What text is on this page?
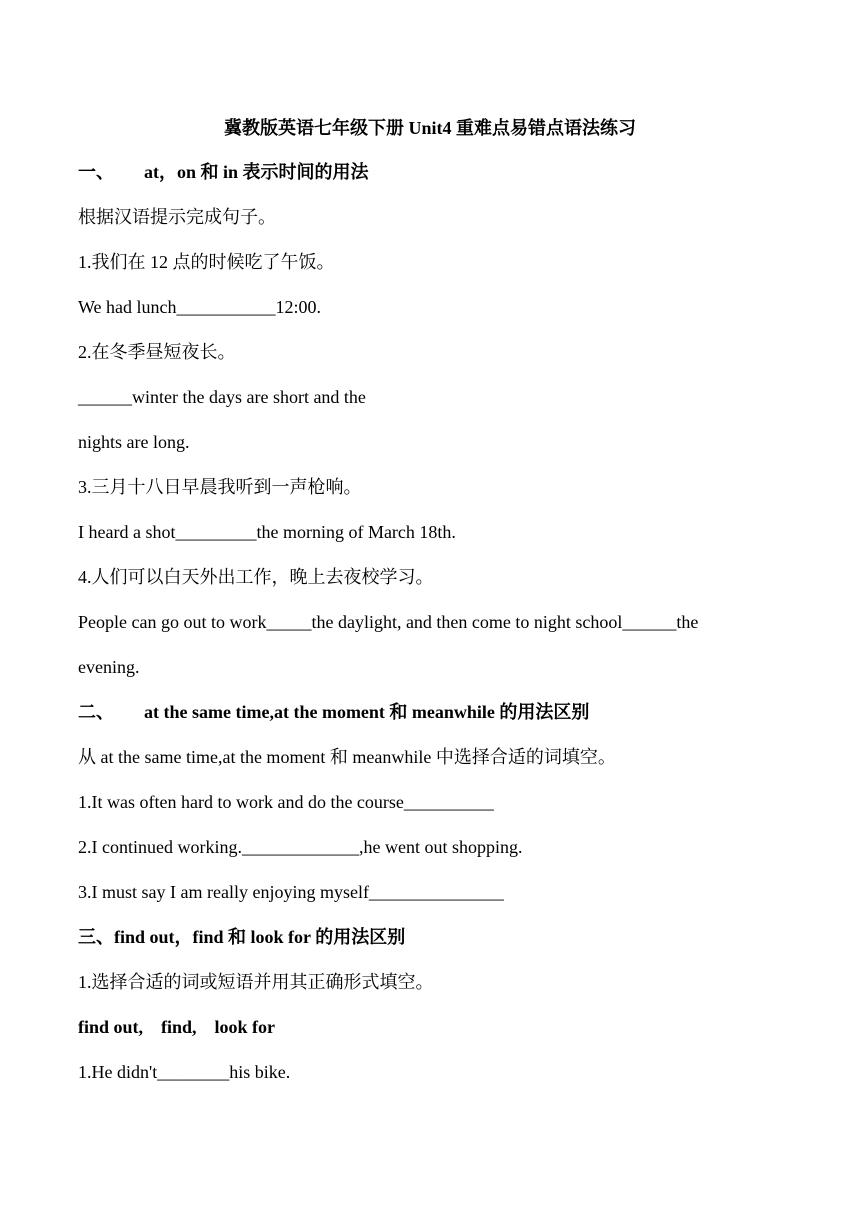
冀教版英语七年级下册 Unit4 重难点易错点语法练习
一、 at，on 和 in 表示时间的用法
根据汉语提示完成句子。
1.我们在 12 点的时候吃了午饭。
We had lunch___________12:00.
2.在冬季昼短夜长。
______winter the days are short and the
nights are long.
3.三月十八日早晨我听到一声枪响。
I heard a shot_________the morning of March 18th.
4.人们可以白天外出工作，晚上去夜校学习。
People can go out to work_____the daylight, and then come to night school______the
evening.
二、 at the same time,at the moment 和 meanwhile 的用法区别
从 at the same time,at the moment 和 meanwhile 中选择合适的词填空。
1.It was often hard to work and do the course__________
2.I continued working._____________,he went out shopping.
3.I must say I am really enjoying myself_______________
三、find out，find 和 look for 的用法区别
1.选择合适的词或短语并用其正确形式填空。
find out,    find,    look for
1.He didn't________his bike.
